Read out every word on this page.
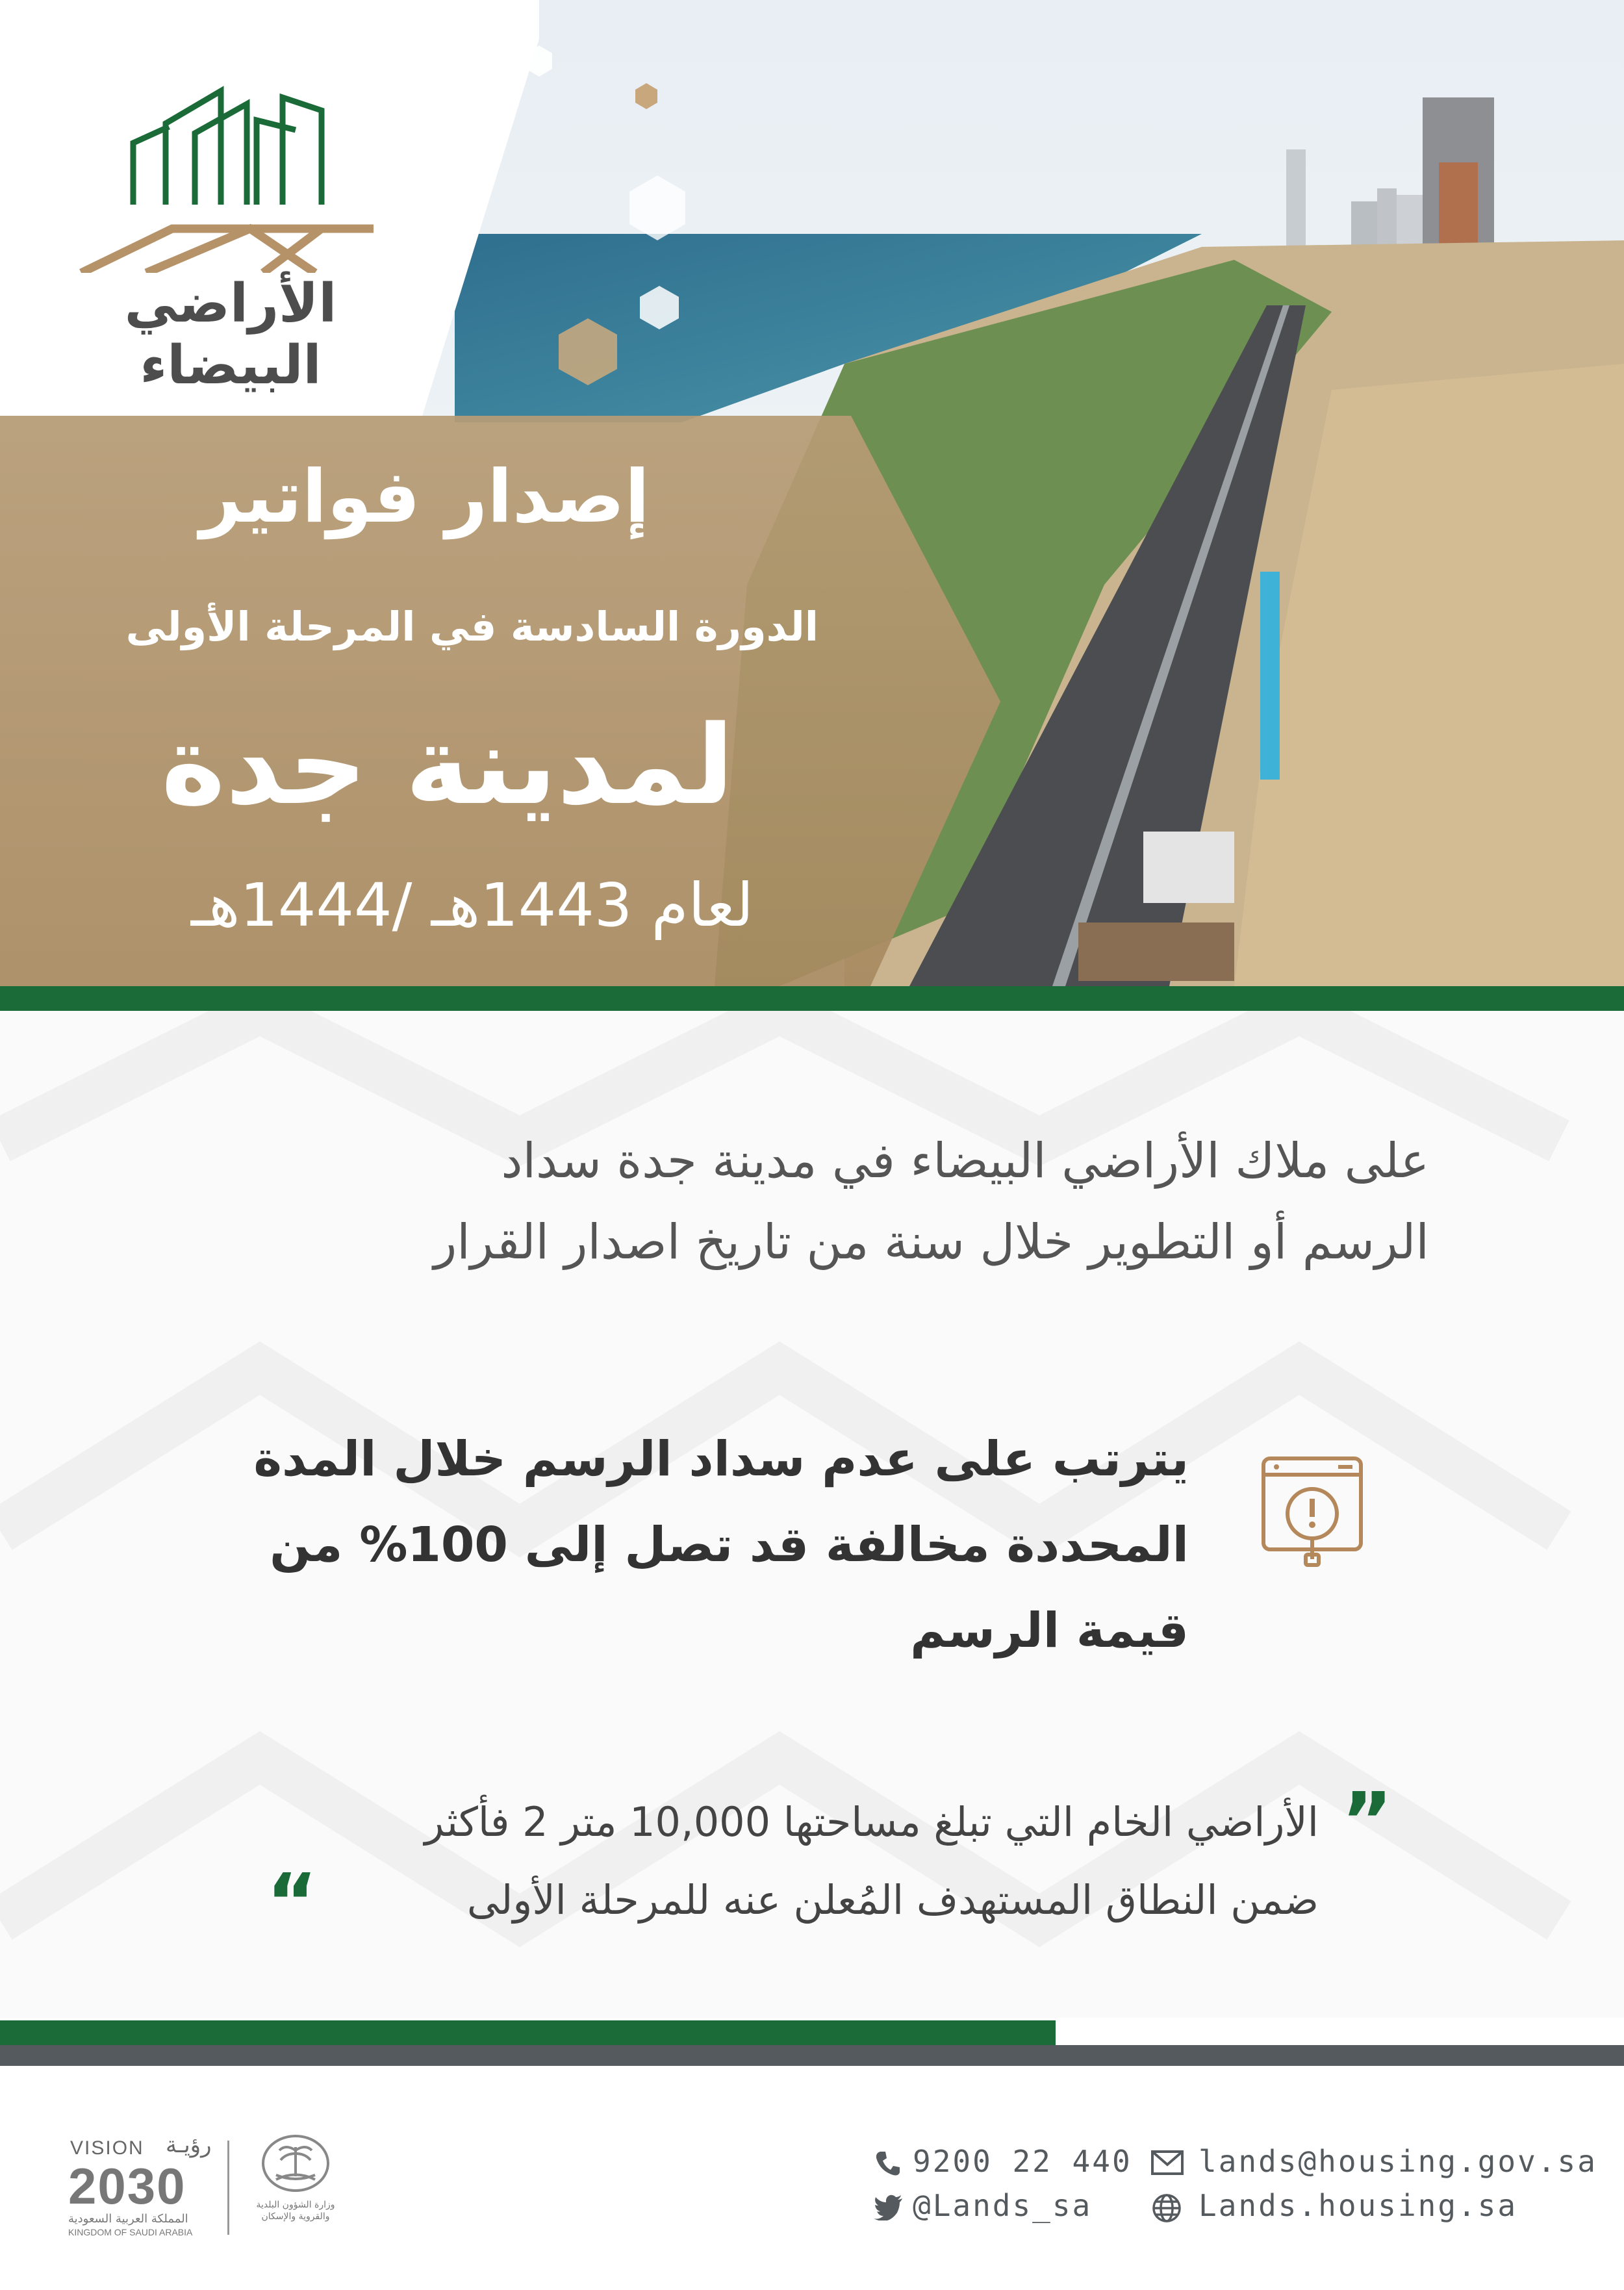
الأراضي البيضاء
إصدار فواتير
الدورة السادسة في المرحلة الأولى
لمدينة جدة
لعام 1443هـ /1444هـ
على ملاك الأراضي البيضاء في مدينة جدة سداد
الرسم أو التطوير خلال سنة من تاريخ اصدار القرار
يترتب على عدم سداد الرسم خلال المدة
المحددة مخالفة قد تصل إلى 100% من
قيمة الرسم
”
الأراضي الخام التي تبلغ مساحتها 10,000 متر 2 فأكثر
ضمن النطاق المستهدف المُعلن عنه للمرحلة الأولى
“
VISION رؤيـة
2030
المملكة العربية السعودية
KINGDOM OF SAUDI ARABIA
وزارة الشؤون البلدية والقروية والإسكان
9200 22 440 lands@housing.gov.sa
@Lands_sa	Lands.housing.sa
